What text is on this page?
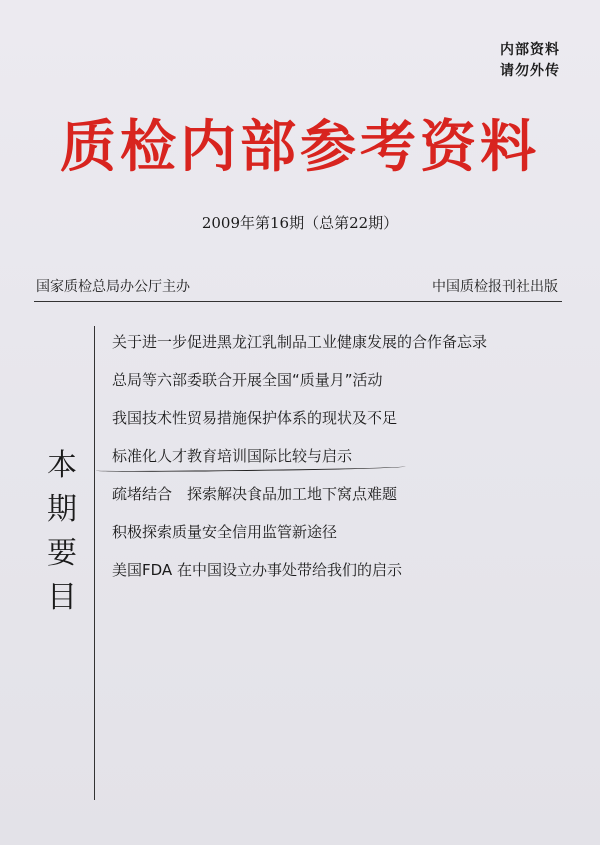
内部资料
请勿外传
质检内部参考资料
2009年第16期（总第22期）
国家质检总局办公厅主办	中国质检报刊社出版
本
期
要
目
关于进一步促进黑龙江乳制品工业健康发展的合作备忘录
总局等六部委联合开展全国“质量月”活动
我国技术性贸易措施保护体系的现状及不足
标准化人才教育培训国际比较与启示
疏堵结合　探索解决食品加工地下窝点难题
积极探索质量安全信用监管新途径
美国FDA 在中国设立办事处带给我们的启示
